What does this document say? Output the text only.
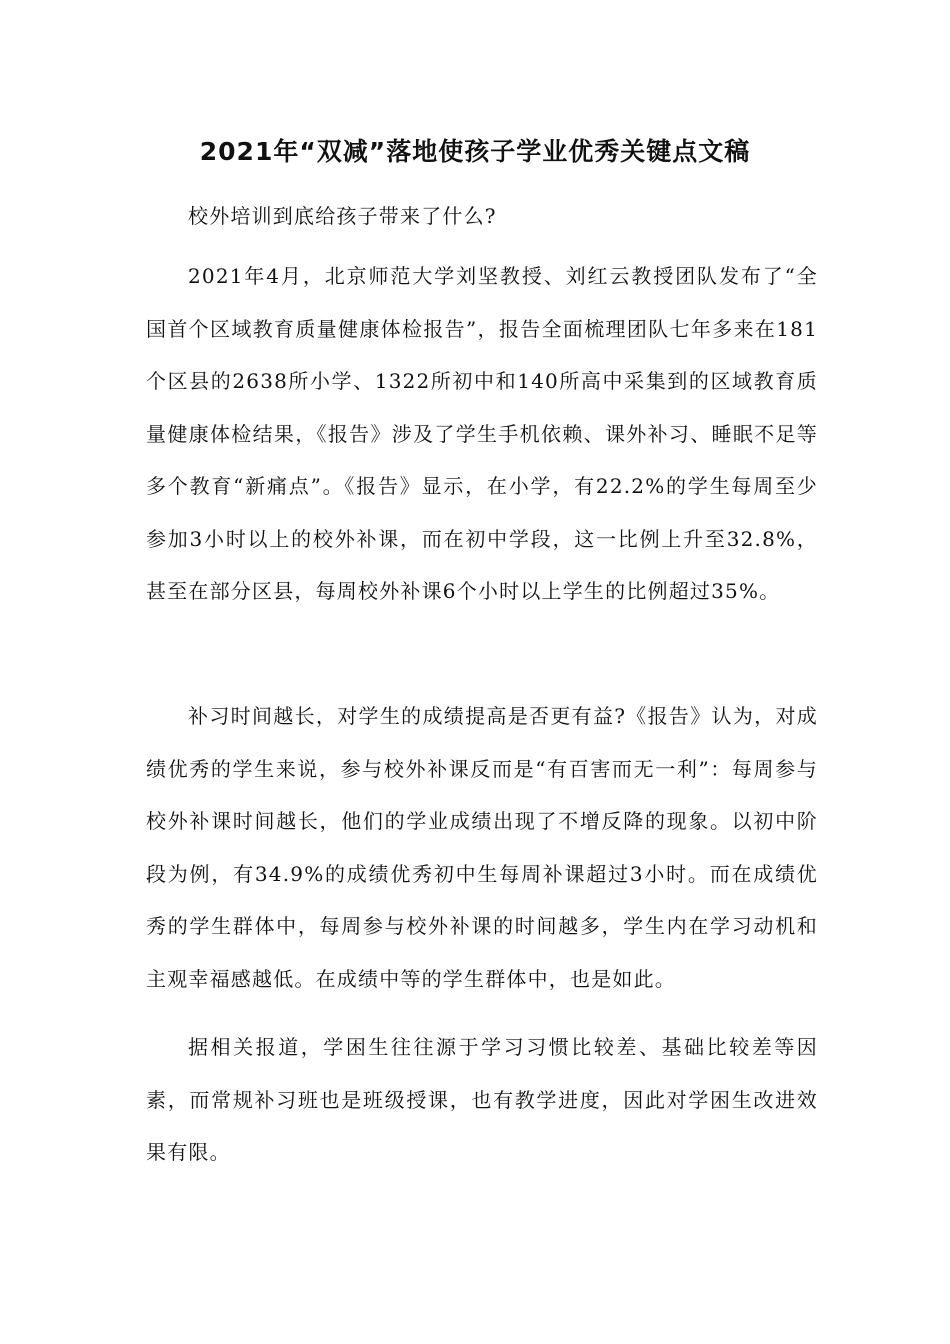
2021年“双减”落地使孩子学业优秀关键点文稿

校外培训到底给孩子带来了什么?

2021年4月，北京师范大学刘坚教授、刘红云教授团队发布了“全国首个区域教育质量健康体检报告”，报告全面梳理团队七年多来在181个区县的2638所小学、1322所初中和140所高中采集到的区域教育质量健康体检结果，《报告》涉及了学生手机依赖、课外补习、睡眠不足等多个教育“新痛点”。《报告》显示，在小学，有22.2%的学生每周至少参加3小时以上的校外补课，而在初中学段，这一比例上升至32.8%，甚至在部分区县，每周校外补课6个小时以上学生的比例超过35%。

补习时间越长，对学生的成绩提高是否更有益?《报告》认为，对成绩优秀的学生来说，参与校外补课反而是“有百害而无一利”：每周参与校外补课时间越长，他们的学业成绩出现了不增反降的现象。以初中阶段为例，有34.9%的成绩优秀初中生每周补课超过3小时。而在成绩优秀的学生群体中，每周参与校外补课的时间越多，学生内在学习动机和主观幸福感越低。在成绩中等的学生群体中，也是如此。

据相关报道，学困生往往源于学习习惯比较差、基础比较差等因素，而常规补习班也是班级授课，也有教学进度，因此对学困生改进效果有限。
